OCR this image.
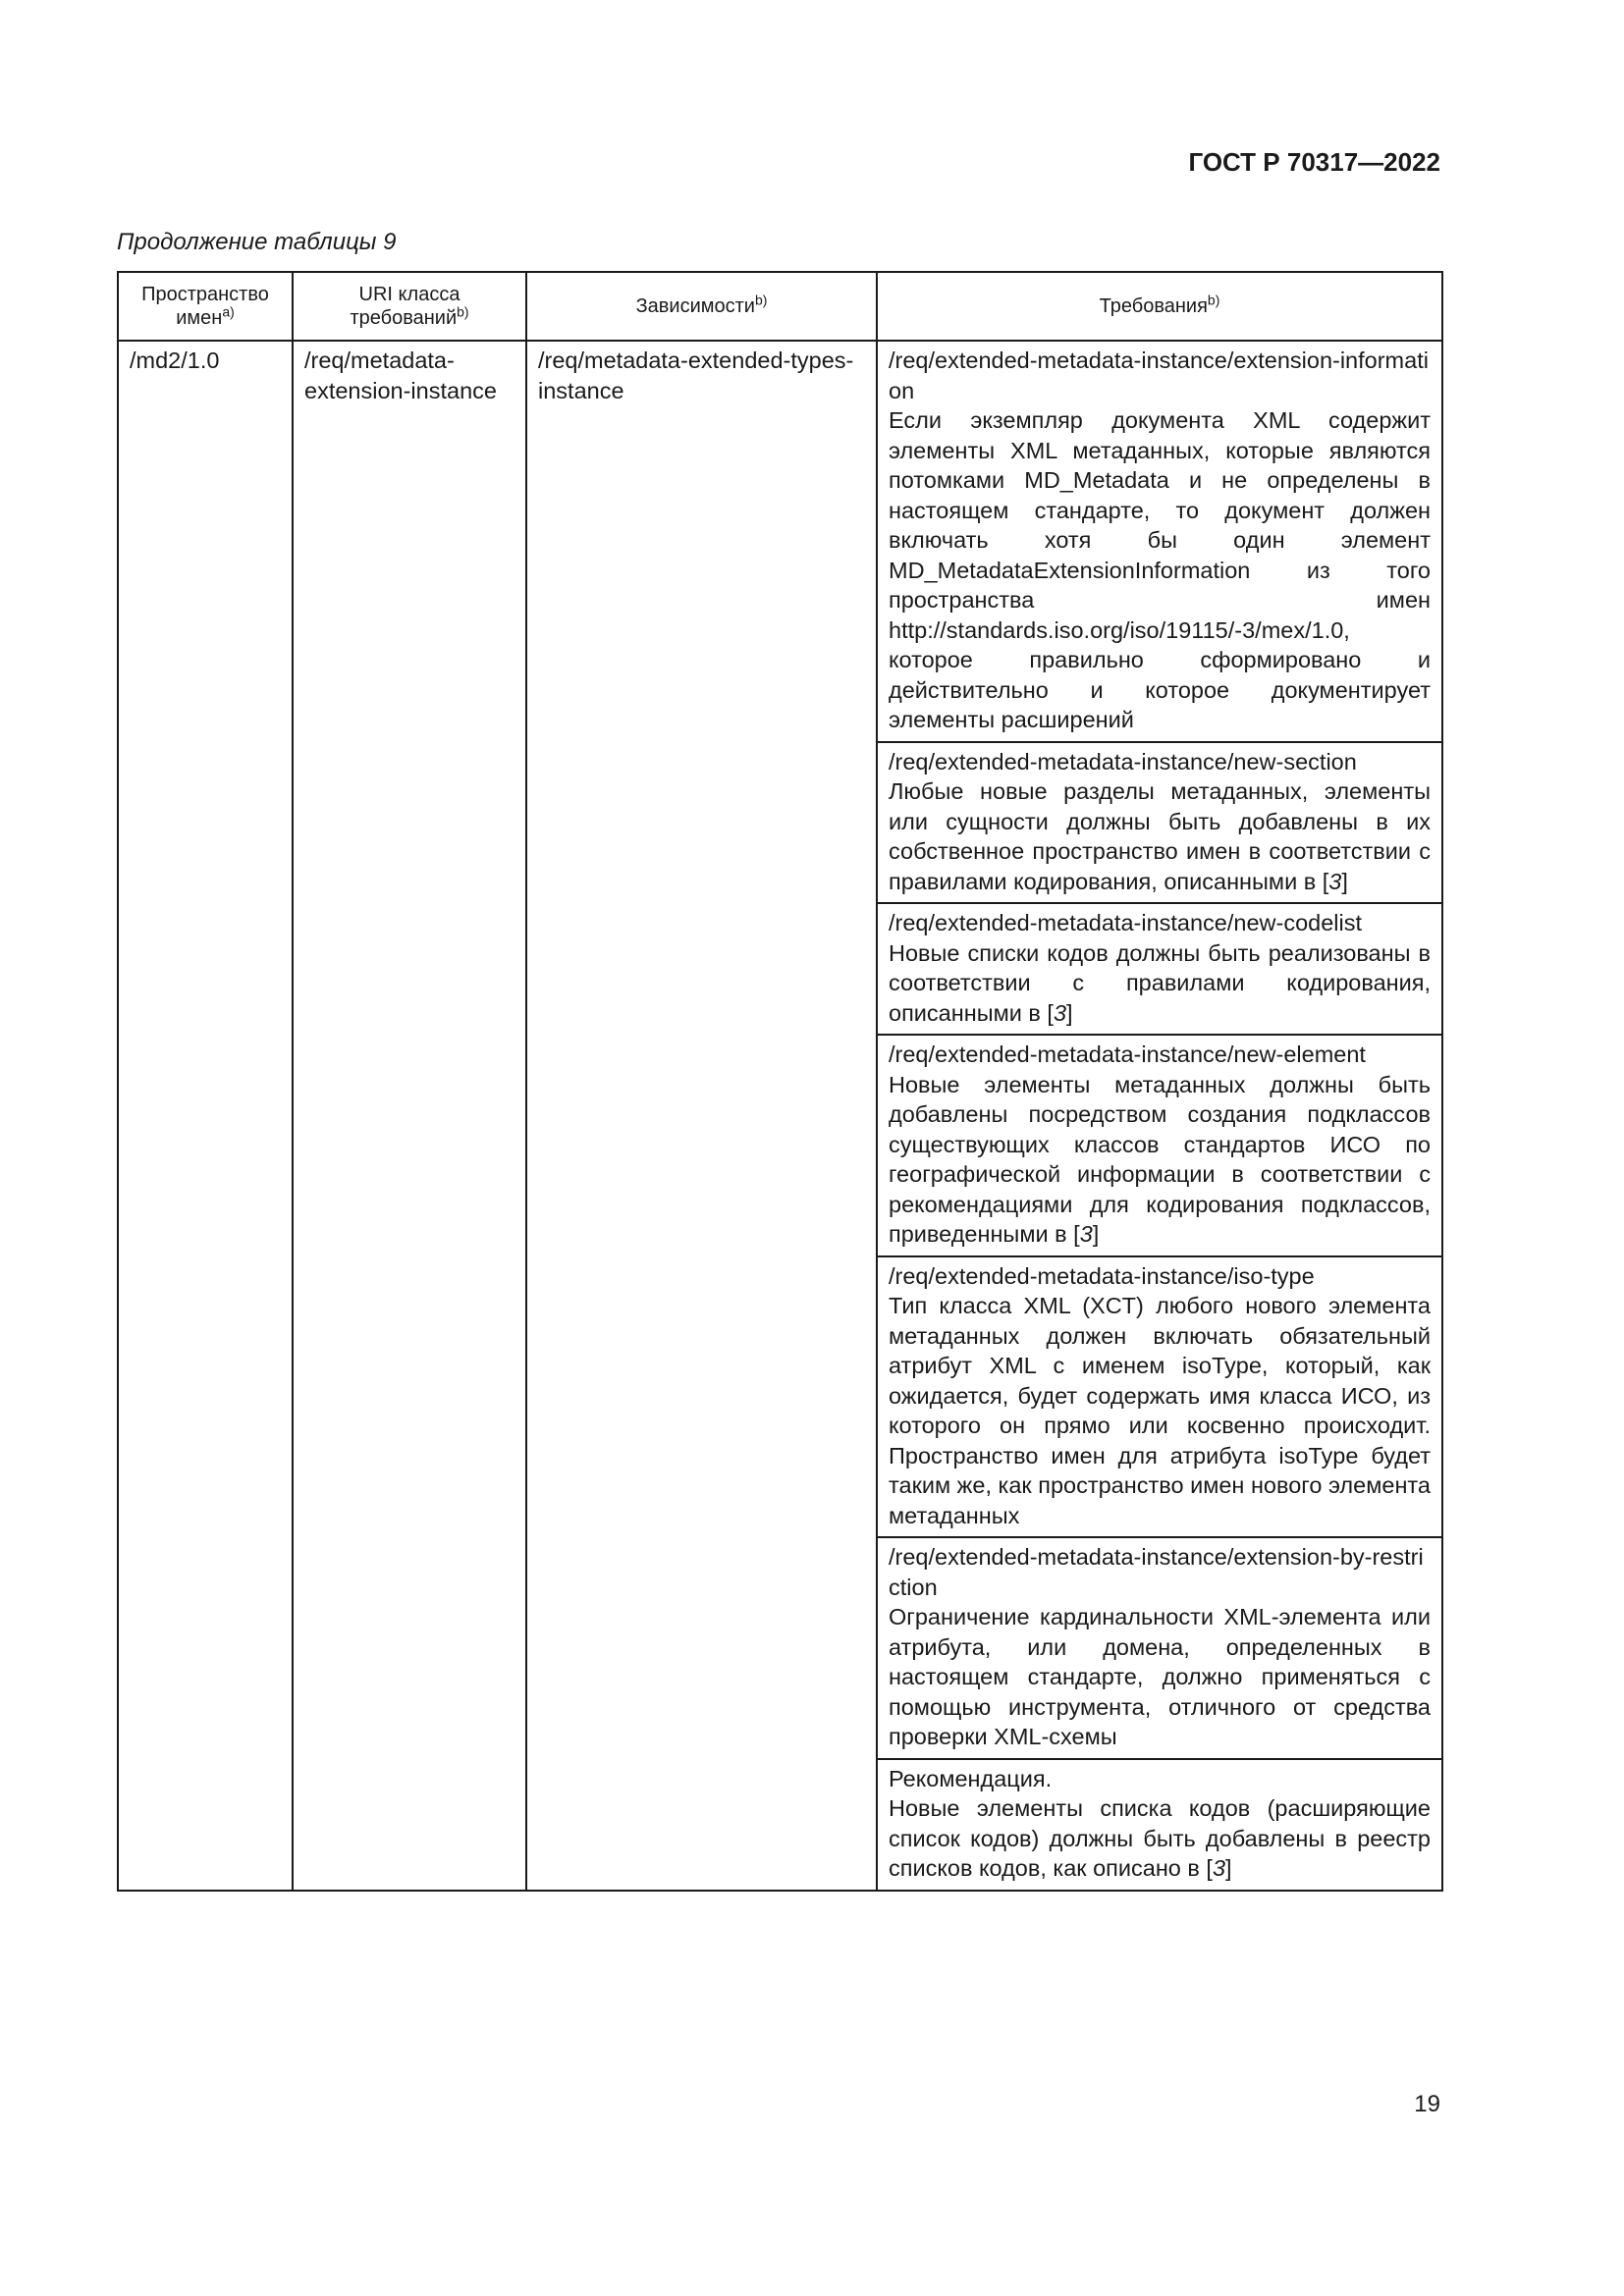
ГОСТ Р 70317—2022
Продолжение таблицы 9
Пространство имен$^{a)}$	URI класса требований$^{b)}$	Зависимости$^{b)}$	Требования$^{b)}$
/md2/1.0	/req/metadata-extension-instance	/req/metadata-extended-types-instance	/req/extended-metadata-instance/extension-information
Если экземпляр документа XML содержит элементы XML метаданных, которые являются потомками MD_Metadata и не определены в настоящем стандарте, то документ должен включать хотя бы один элемент MD_MetadataExtensionInformation из того пространства имен http://standards.iso.org/iso/19115/-3/mex/1.0, которое правильно сформировано и действительно и которое документирует элементы расширений

			/req/extended-metadata-instance/new-section
Любые новые разделы метаданных, элементы или сущности должны быть добавлены в их собственное пространство имен в соответствии с правилами кодирования, описанными в [3]

			/req/extended-metadata-instance/new-codelist
Новые списки кодов должны быть реализованы в соответствии с правилами кодирования, описанными в [3]

			/req/extended-metadata-instance/new-element
Новые элементы метаданных должны быть добавлены посредством создания подклассов существующих классов стандартов ИСО по географической информации в соответствии с рекомендациями для кодирования подклассов, приведенными в [3]

			/req/extended-metadata-instance/iso-type
Тип класса XML (XCT) любого нового элемента метаданных должен включать обязательный атрибут XML с именем isoType, который, как ожидается, будет содержать имя класса ИСО, из которого он прямо или косвенно происходит. Пространство имен для атрибута isoType будет таким же, как пространство имен нового элемента метаданных

			/req/extended-metadata-instance/extension-by-restriction
Ограничение кардинальности XML-элемента или атрибута, или домена, определенных в настоящем стандарте, должно применяться с помощью инструмента, отличного от средства проверки XML-схемы

			Рекомендация.
Новые элементы списка кодов (расширяющие список кодов) должны быть добавлены в реестр списков кодов, как описано в [3]
19
